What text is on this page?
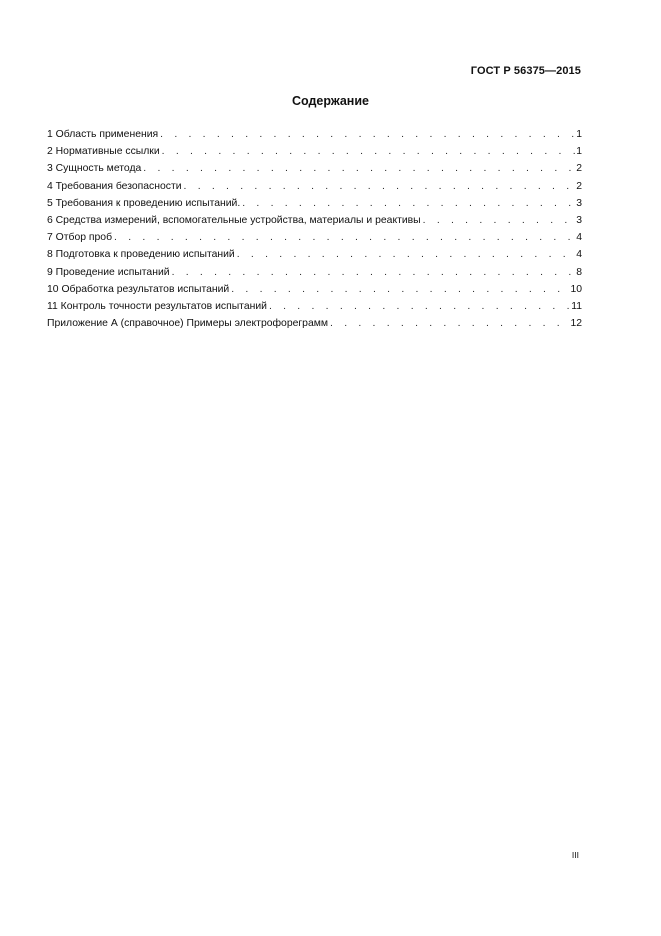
ГОСТ Р 56375—2015
Содержание
1 Область применения . . .	1
2 Нормативные ссылки . . .	1
3 Сущность метода . . .	2
4 Требования безопасности . . .	2
5 Требования к проведению испытаний. . . .	3
6 Средства измерений, вспомогательные устройства, материалы и реактивы . . .	3
7 Отбор проб . . .	4
8 Подготовка к проведению испытаний . . .	4
9 Проведение испытаний . . .	8
10 Обработка результатов испытаний . . .	10
11 Контроль точности результатов испытаний . . .	11
Приложение А (справочное) Примеры электрофореграмм . . .	12
III
